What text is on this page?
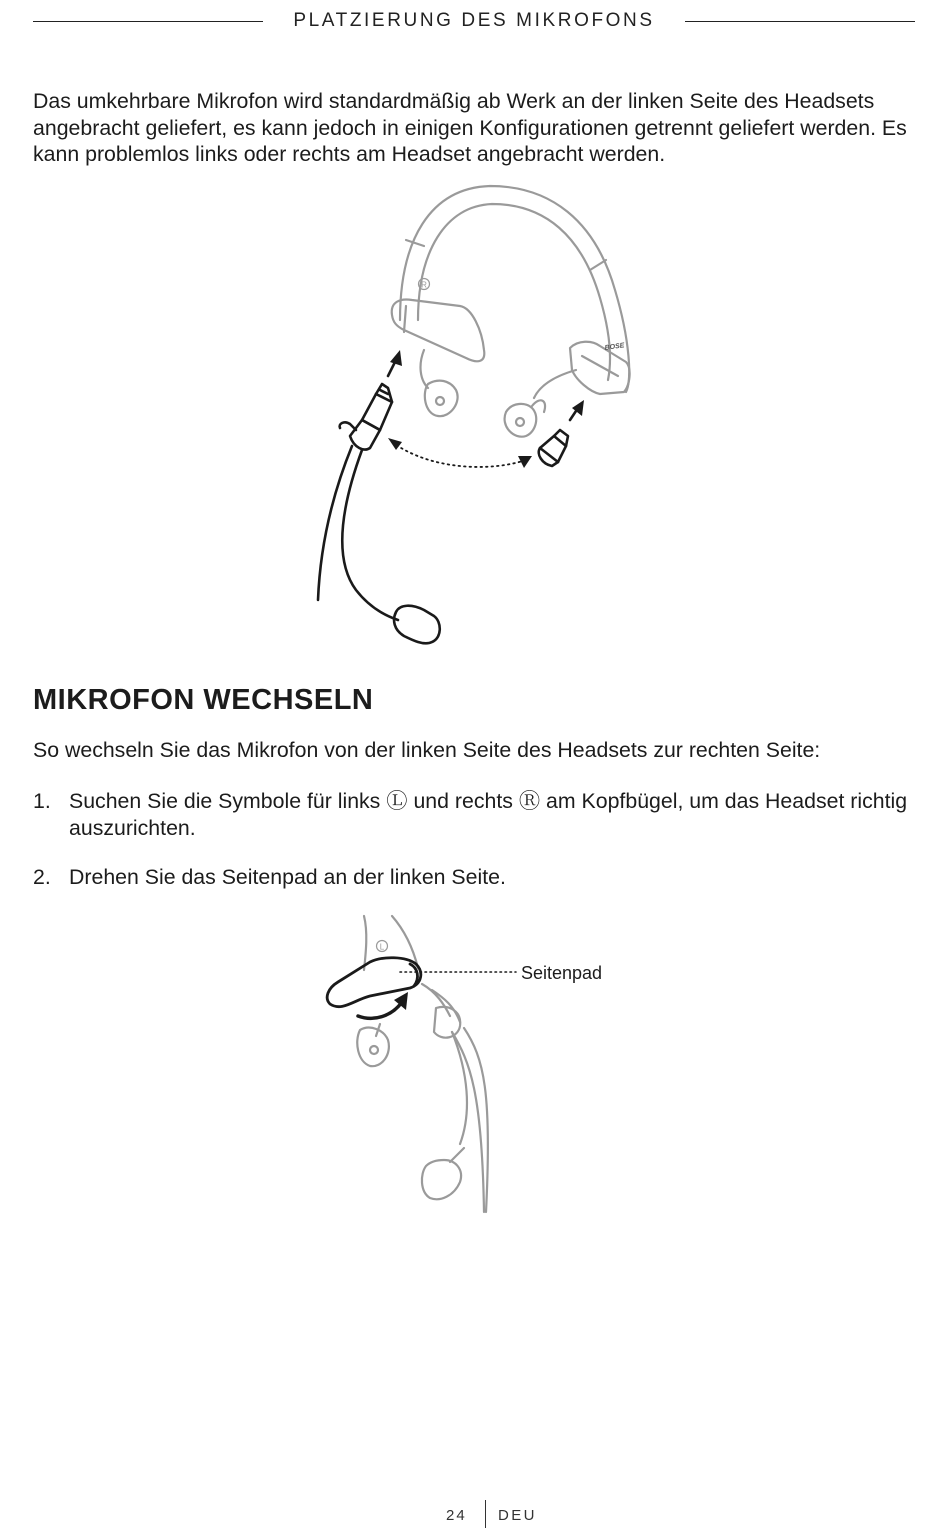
PLATZIERUNG DES MIKROFONS

Das umkehrbare Mikrofon wird standardmäßig ab Werk an der linken Seite des Headsets angebracht geliefert, es kann jedoch in einigen Konfigurationen getrennt geliefert werden. Es kann problemlos links oder rechts am Headset angebracht werden.

R
BOSE
MIKROFON WECHSELN

So wechseln Sie das Mikrofon von der linken Seite des Headsets zur rechten Seite:

1. Suchen Sie die Symbole für links Ⓛ und rechts Ⓡ am Kopfbügel, um das Headset richtig auszurichten.
2. Drehen Sie das Seitenpad an der linken Seite.
L
Seitenpad
24 DEU
